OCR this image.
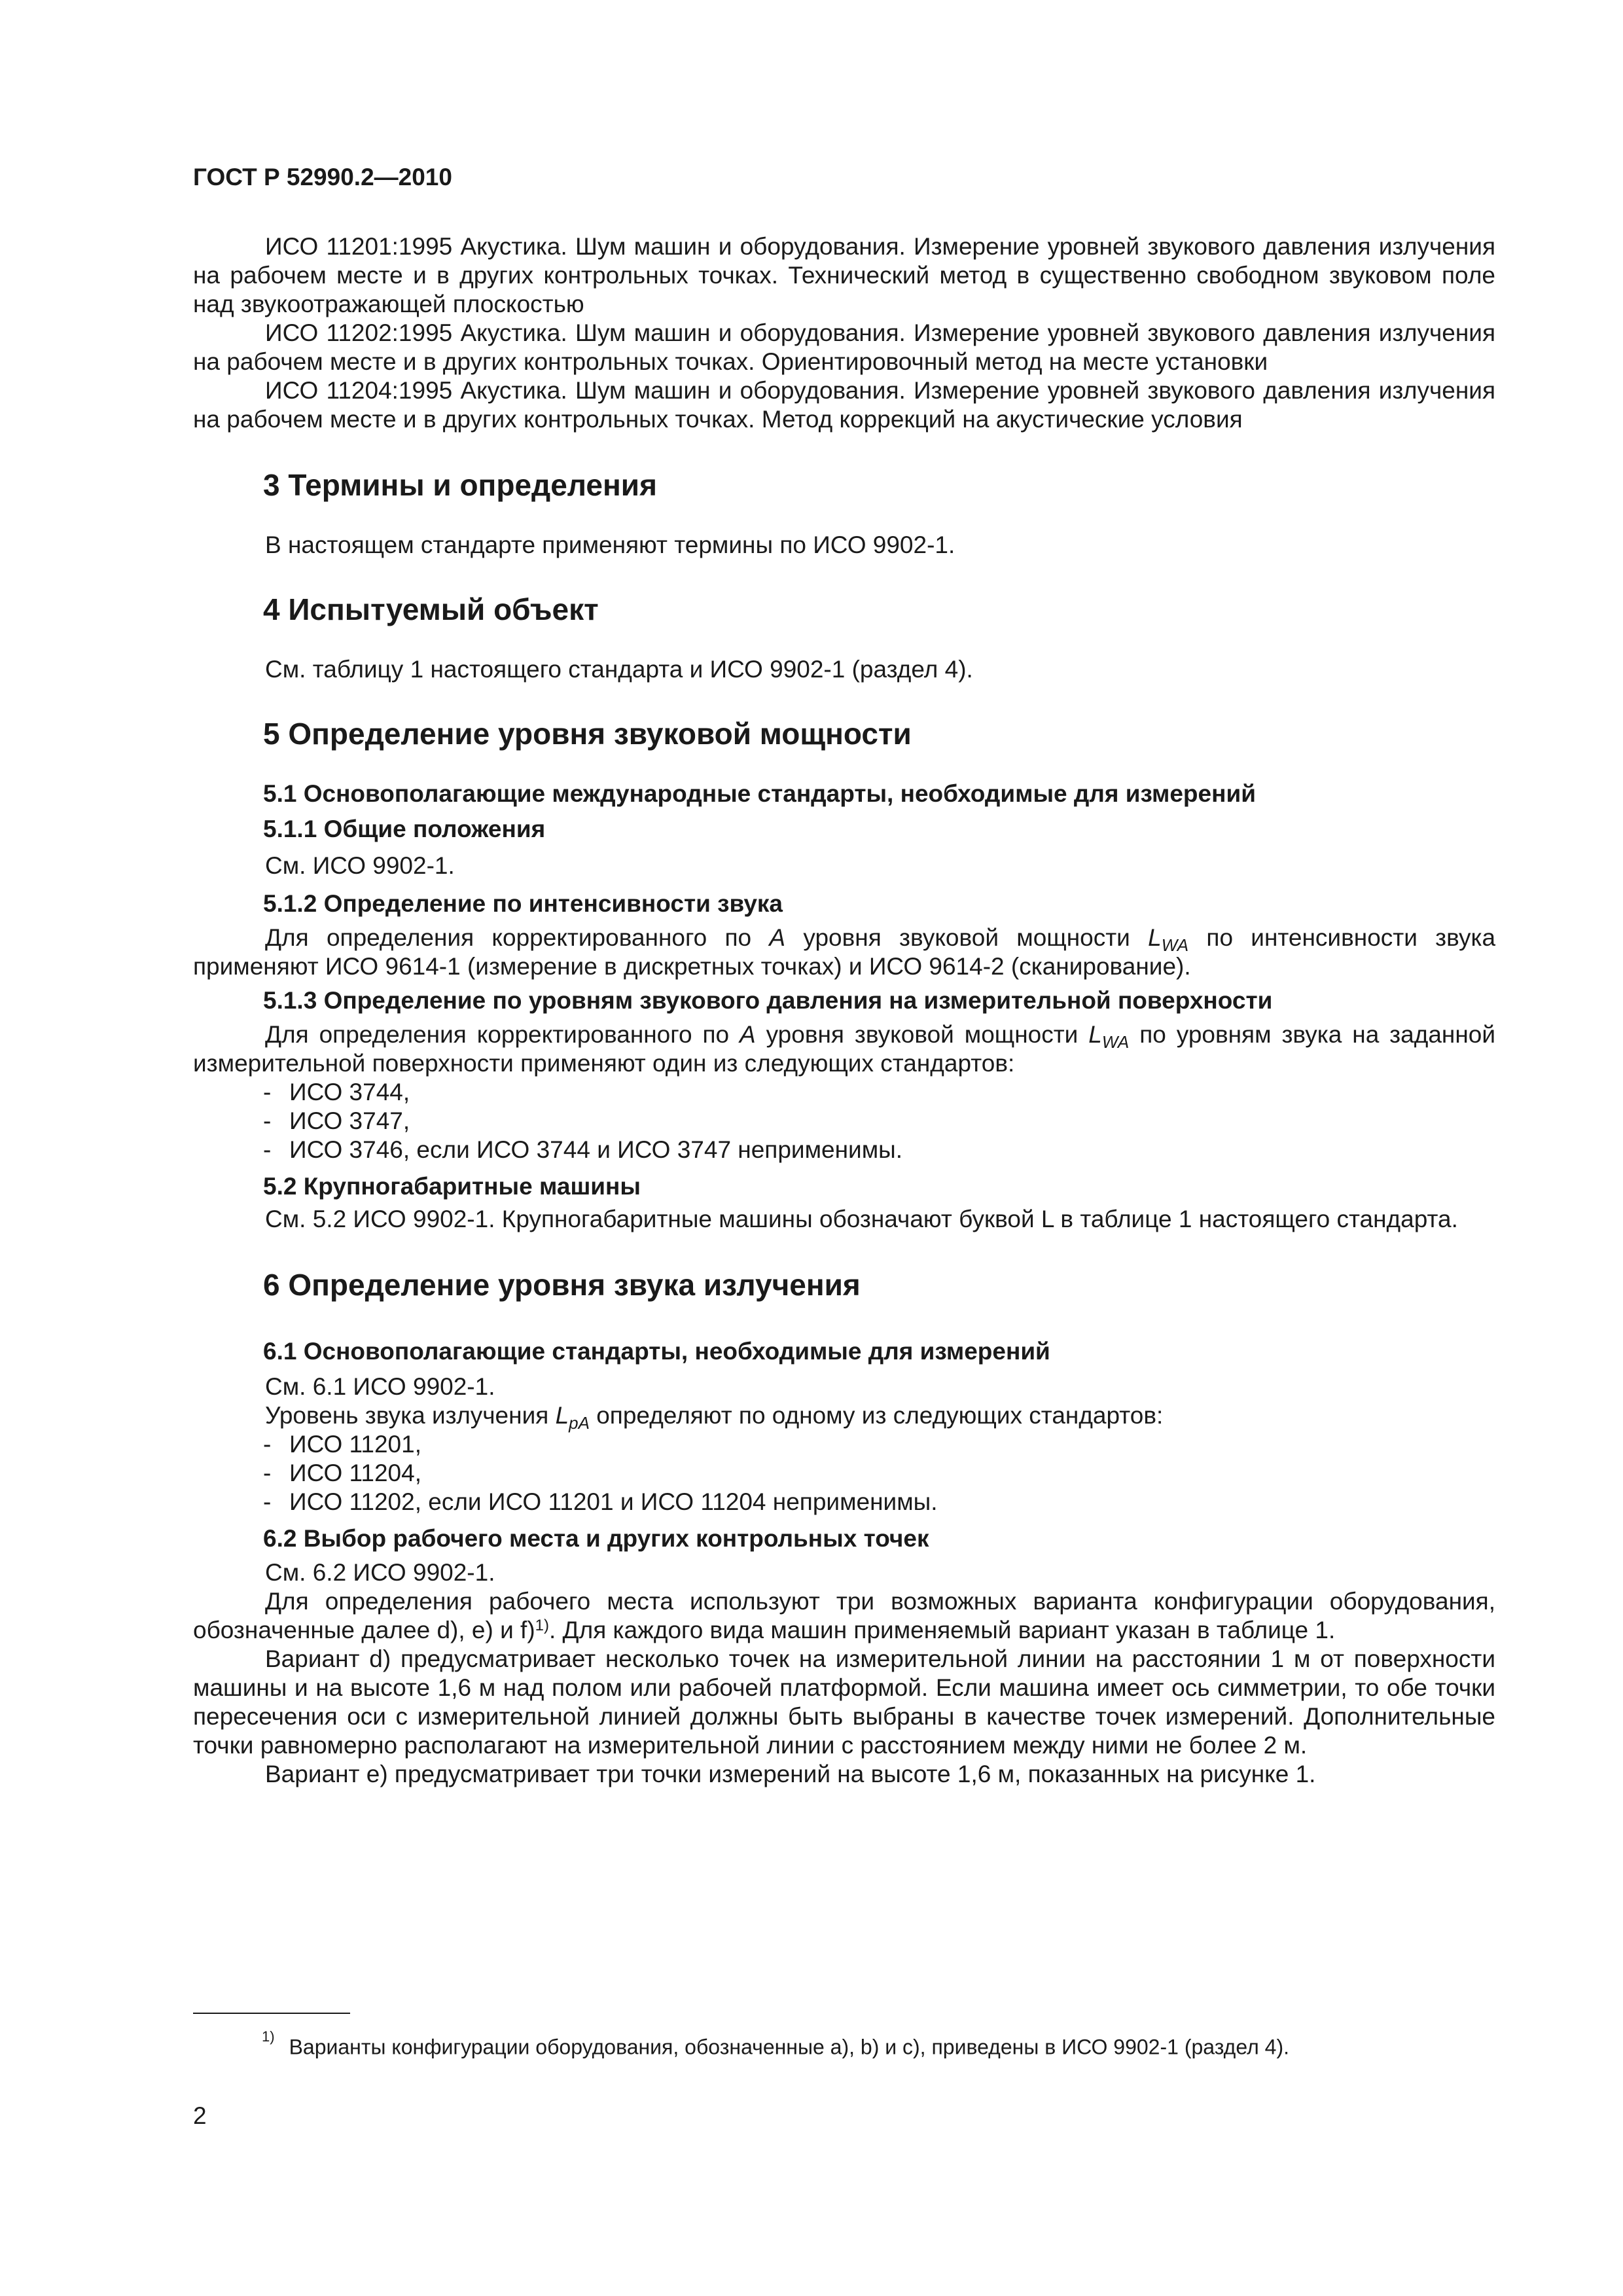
ГОСТ Р 52990.2—2010

ИСО 11201:1995 Акустика. Шум машин и оборудования. Измерение уровней звукового давления излучения на рабочем месте и в других контрольных точках. Технический метод в существенно свободном звуковом поле над звукоотражающей плоскостью

ИСО 11202:1995 Акустика. Шум машин и оборудования. Измерение уровней звукового давления излучения на рабочем месте и в других контрольных точках. Ориентировочный метод на месте установки

ИСО 11204:1995 Акустика. Шум машин и оборудования. Измерение уровней звукового давления излучения на рабочем месте и в других контрольных точках. Метод коррекций на акустические условия

3 Термины и определения

В настоящем стандарте применяют термины по ИСО 9902-1.

4 Испытуемый объект

См. таблицу 1 настоящего стандарта и ИСО 9902-1 (раздел 4).

5 Определение уровня звуковой мощности
5.1 Основополагающие международные стандарты, необходимые для измерений
5.1.1 Общие положения

См. ИСО 9902-1.

5.1.2 Определение по интенсивности звука

Для определения корректированного по A уровня звуковой мощности $L_{WA}$ по интенсивности звука применяют ИСО 9614-1 (измерение в дискретных точках) и ИСО 9614-2 (сканирование).

5.1.3 Определение по уровням звукового давления на измерительной поверхности

Для определения корректированного по A уровня звуковой мощности $L_{WA}$ по уровням звука на заданной измерительной поверхности применяют один из следующих стандартов:

- ИСО 3744,
- ИСО 3747,
- ИСО 3746, если ИСО 3744 и ИСО 3747 неприменимы.
5.2 Крупногабаритные машины

См. 5.2 ИСО 9902-1. Крупногабаритные машины обозначают буквой L в таблице 1 настоящего стандарта.

6 Определение уровня звука излучения
6.1 Основополагающие стандарты, необходимые для измерений

См. 6.1 ИСО 9902-1.

Уровень звука излучения $L_{pA}$ определяют по одному из следующих стандартов:

- ИСО 11201,
- ИСО 11204,
- ИСО 11202, если ИСО 11201 и ИСО 11204 неприменимы.
6.2 Выбор рабочего места и других контрольных точек

См. 6.2 ИСО 9902-1.

Для определения рабочего места используют три возможных варианта конфигурации оборудования, обозначенные далее d), e) и f)$^{1)}$. Для каждого вида машин применяемый вариант указан в таблице 1.

Вариант d) предусматривает несколько точек на измерительной линии на расстоянии 1 м от поверхности машины и на высоте 1,6 м над полом или рабочей платформой. Если машина имеет ось симметрии, то обе точки пересечения оси с измерительной линией должны быть выбраны в качестве точек измерений. Дополнительные точки равномерно располагают на измерительной линии с расстоянием между ними не более 2 м.

Вариант e) предусматривает три точки измерений на высоте 1,6 м, показанных на рисунке 1.

$^{1)}$ Варианты конфигурации оборудования, обозначенные a), b) и c), приведены в ИСО 9902-1 (раздел 4).
2
